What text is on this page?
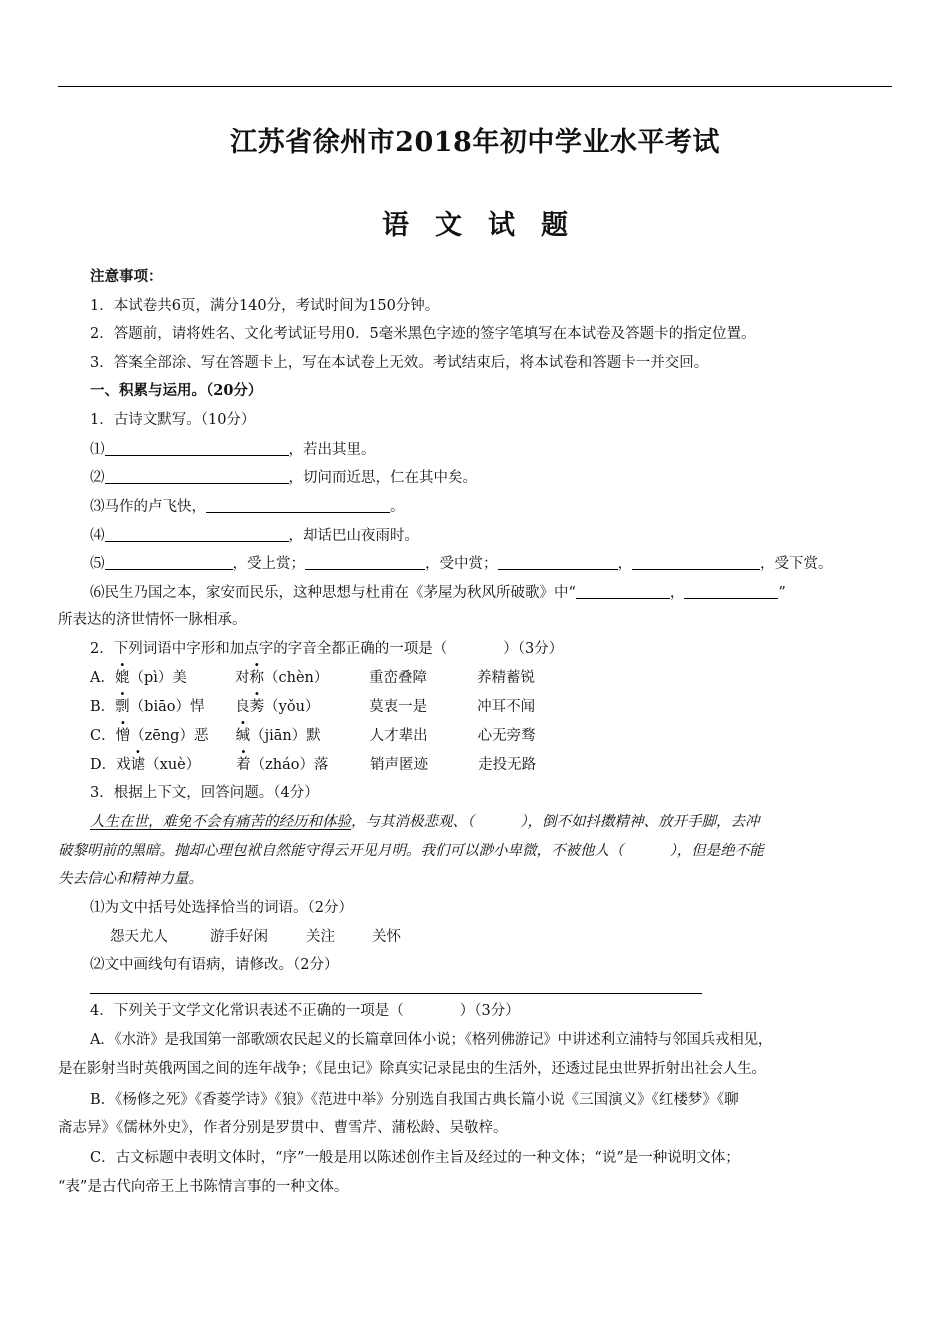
江苏省徐州市2018年初中学业水平考试
语文试题
注意事项：
1．本试卷共6页，满分140分，考试时间为150分钟。
2．答题前，请将姓名、文化考试证号用0．5毫米黑色字迹的签字笔填写在本试卷及答题卡的指定位置。
3．答案全部涂、写在答题卡上，写在本试卷上无效。考试结束后，将本试卷和答题卡一并交回。
一、积累与运用。（20分）
1．古诗文默写。（10分）
⑴	，若出其里。
⑵	，切问而近思，仁在其中矣。
⑶马作的卢飞快，	。
⑷	，却话巴山夜雨时。
⑸	，受上赏；	，受中赏；	，	，受下赏。
⑹民生乃国之本，家安而民乐，这种思想与杜甫在《茅屋为秋风所破歌》中“	，	”
所表达的济世情怀一脉相承。
2．下列词语中字形和加点字的字音全都正确的一项是（	）（3分）
A．媲（pì）美	对称（chèn）	重峦叠障	养精蓄锐
B．剽（biāo）悍 良莠（yǒu）	莫衷一是	冲耳不闻
C．憎（zēng）恶 缄（jiān）默	人才辈出	心无旁骛
D．戏谑（xuè） 着（zháo）落	销声匿迹	走投无路
3．根据上下文，回答问题。（4分）
人生在世，难免不会有痛苦的经历和体验，与其消极悲观、（	），倒不如抖擞精神、放开手脚，去冲
破黎明前的黑暗。抛却心理包袱自然能守得云开见月明。我们可以渺小卑微，不被他人（	），但是绝不能
失去信心和精神力量。
⑴为文中括号处选择恰当的词语。（2分）
怨天尤人	游手好闲	关注	关怀
⑵文中画线句有语病，请修改。（2分）
4．下列关于文学文化常识表述不正确的一项是（	）（3分）
A．《水浒》是我国第一部歌颂农民起义的长篇章回体小说；《格列佛游记》中讲述利立浦特与邻国兵戎相见，
是在影射当时英俄两国之间的连年战争；《昆虫记》除真实记录昆虫的生活外，还透过昆虫世界折射出社会人生。
B．《杨修之死》《香菱学诗》《狼》《范进中举》分别选自我国古典长篇小说《三国演义》《红楼梦》《聊
斋志异》《儒林外史》，作者分别是罗贯中、曹雪芹、蒲松龄、吴敬梓。
C．古文标题中表明文体时，“序”一般是用以陈述创作主旨及经过的一种文体；“说”是一种说明文体；
“表”是古代向帝王上书陈情言事的一种文体。
